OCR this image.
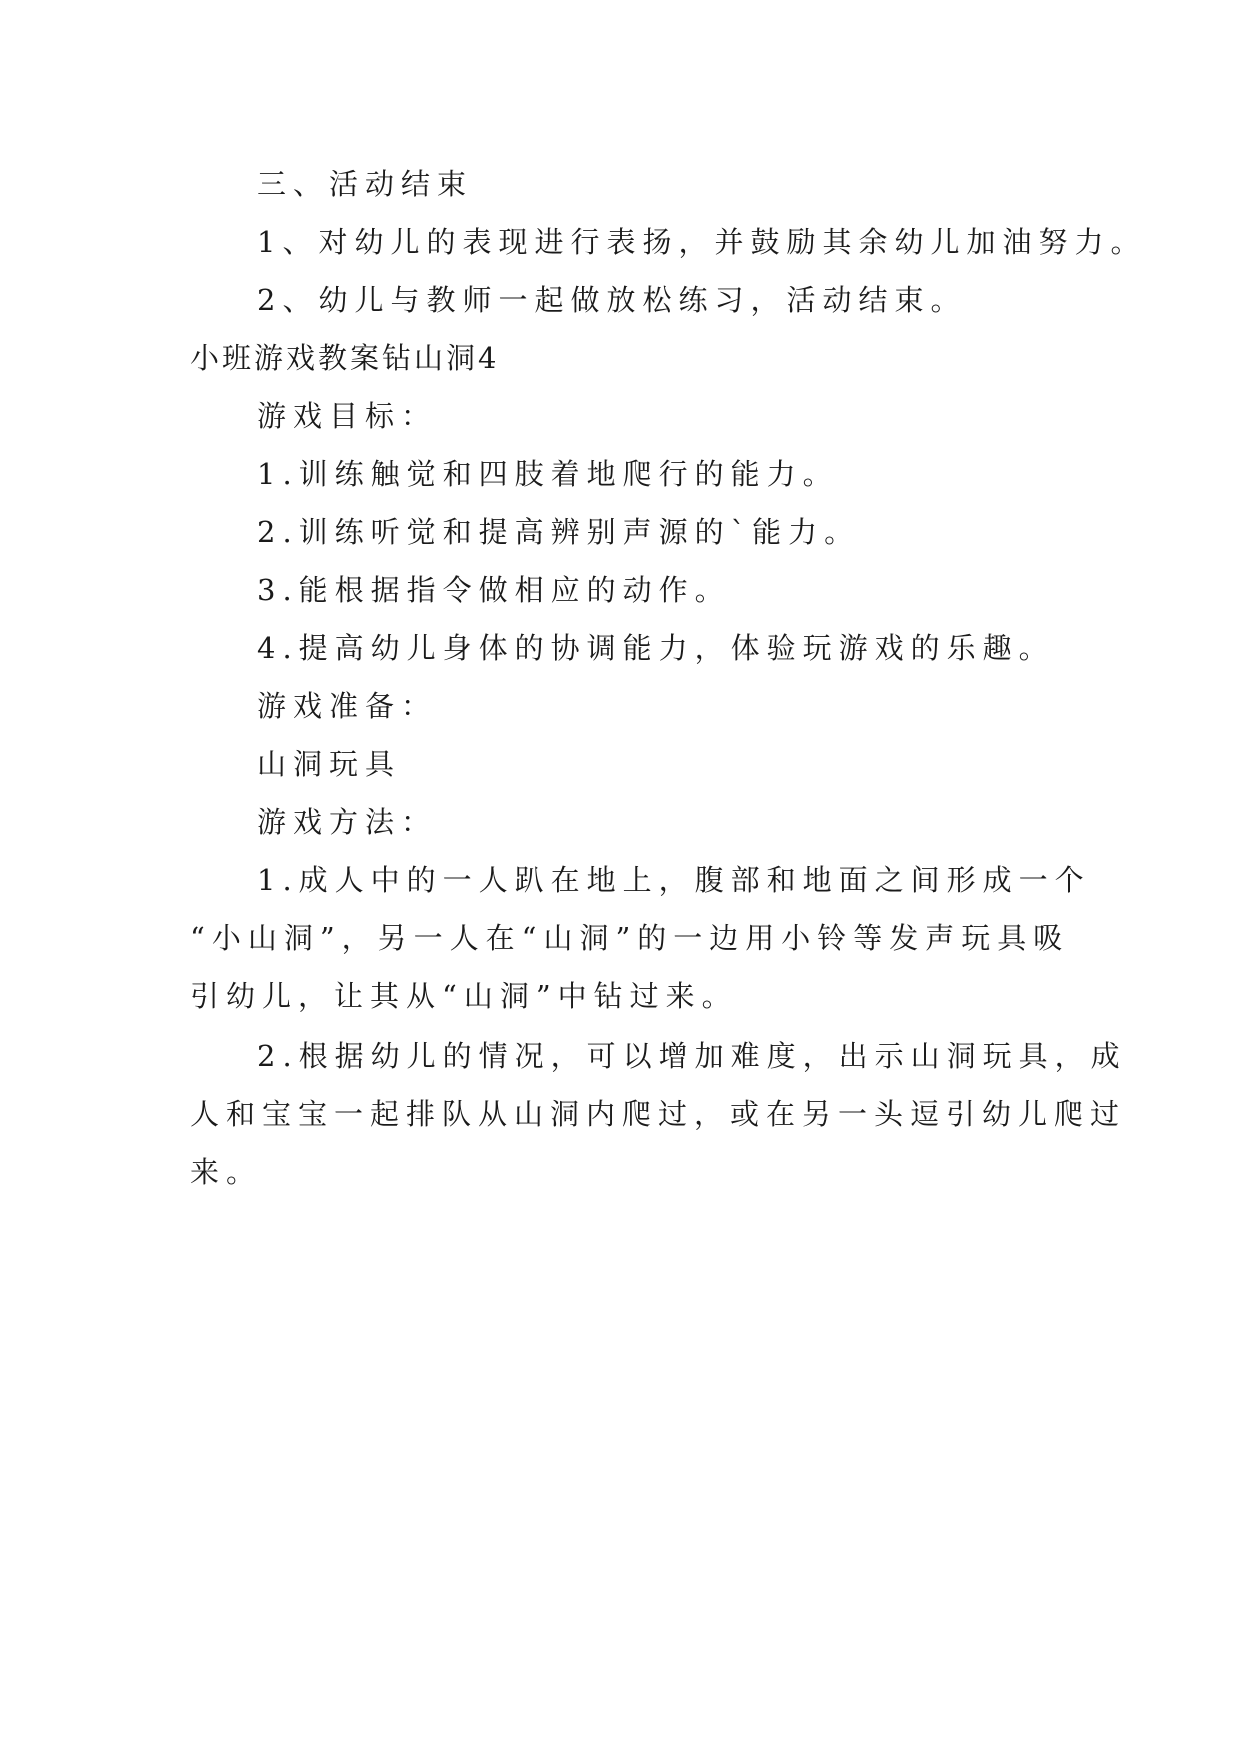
三、活动结束
1、对幼儿的表现进行表扬，并鼓励其余幼儿加油努力。
2、幼儿与教师一起做放松练习，活动结束。
小班游戏教案钻山洞4
游戏目标：
1.训练触觉和四肢着地爬行的能力。
2.训练听觉和提高辨别声源的`能力。
3.能根据指令做相应的动作。
4.提高幼儿身体的协调能力，体验玩游戏的乐趣。
游戏准备：
山洞玩具
游戏方法：
1.成人中的一人趴在地上，腹部和地面之间形成一个
“小山洞”，另一人在“山洞”的一边用小铃等发声玩具吸
引幼儿，让其从“山洞”中钻过来。
2.根据幼儿的情况，可以增加难度，出示山洞玩具，成
人和宝宝一起排队从山洞内爬过，或在另一头逗引幼儿爬过
来。
